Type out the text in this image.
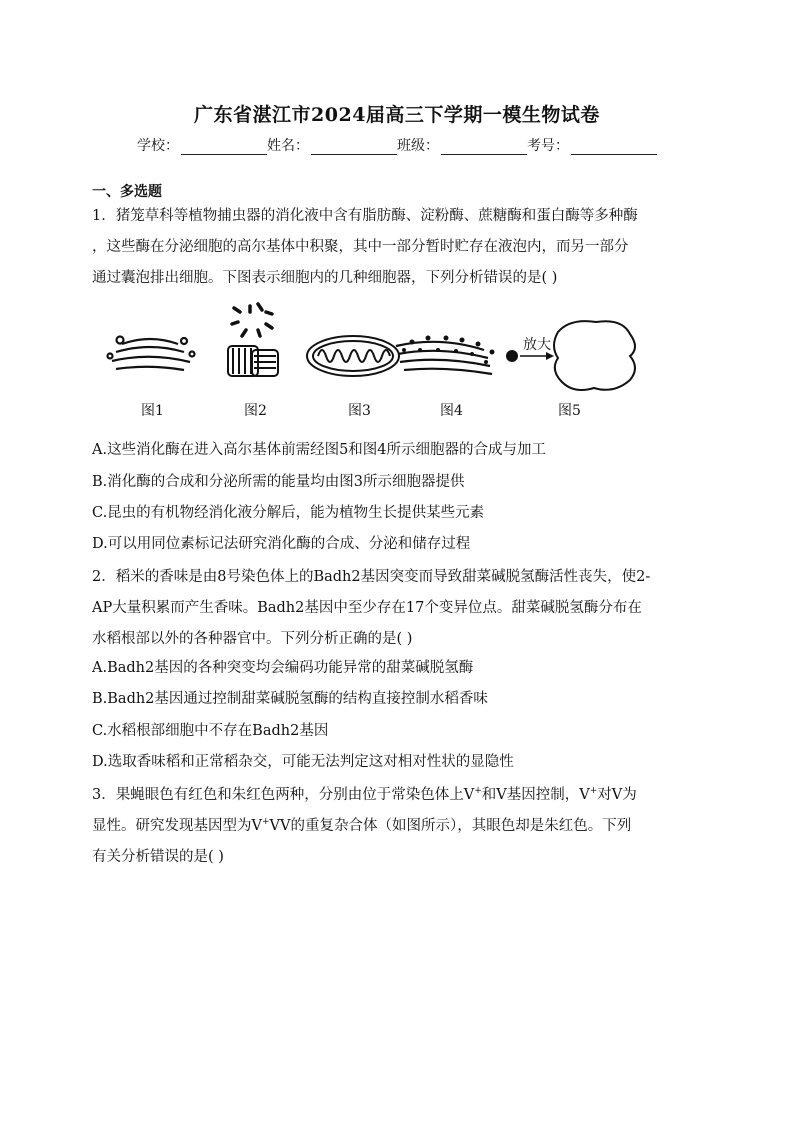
广东省湛江市2024届高三下学期一模生物试卷
学校：	姓名：	班级：	考号：
一、多选题
1．猪笼草科等植物捕虫器的消化液中含有脂肪酶、淀粉酶、蔗糖酶和蛋白酶等多种酶
，这些酶在分泌细胞的高尔基体中积聚，其中一部分暂时贮存在液泡内，而另一部分
通过囊泡排出细胞。下图表示细胞内的几种细胞器，下列分析错误的是( )
放大
图1	图2	图3	图4	图5
A.这些消化酶在进入高尔基体前需经图5和图4所示细胞器的合成与加工
B.消化酶的合成和分泌所需的能量均由图3所示细胞器提供
C.昆虫的有机物经消化液分解后，能为植物生长提供某些元素
D.可以用同位素标记法研究消化酶的合成、分泌和储存过程
2．稻米的香味是由8号染色体上的Badh2基因突变而导致甜菜碱脱氢酶活性丧失，使2-
AP大量积累而产生香味。Badh2基因中至少存在17个变异位点。甜菜碱脱氢酶分布在
水稻根部以外的各种器官中。下列分析正确的是( )
A.Badh2基因的各种突变均会编码功能异常的甜菜碱脱氢酶
B.Badh2基因通过控制甜菜碱脱氢酶的结构直接控制水稻香味
C.水稻根部细胞中不存在Badh2基因
D.选取香味稻和正常稻杂交，可能无法判定这对相对性状的显隐性
3．果蝇眼色有红色和朱红色两种，分别由位于常染色体上V+和V基因控制，V+对V为
显性。研究发现基因型为V+VV的重复杂合体（如图所示），其眼色却是朱红色。下列
有关分析错误的是( )
